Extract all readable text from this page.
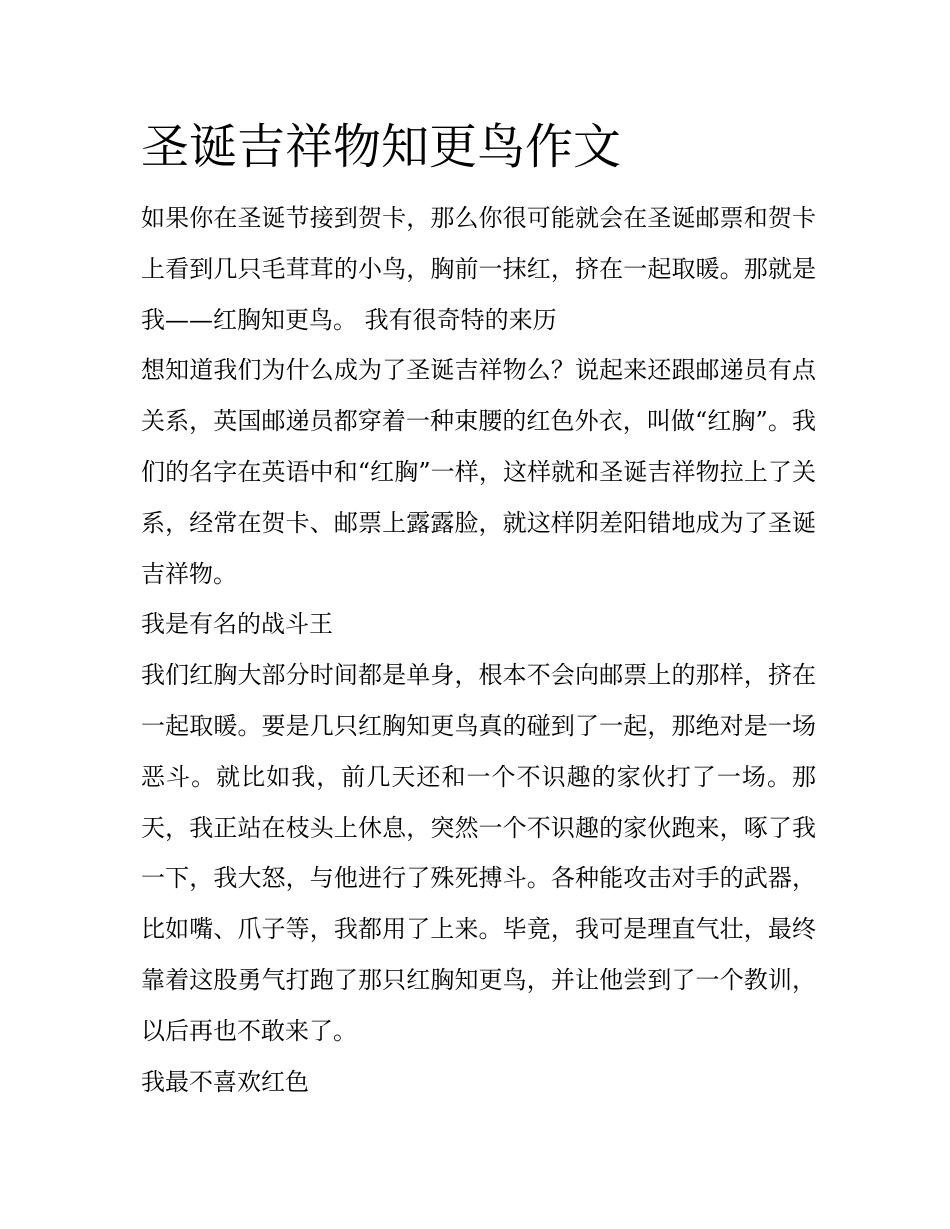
圣诞吉祥物知更鸟作文

如果你在圣诞节接到贺卡，那么你很可能就会在圣诞邮票和贺卡上看到几只毛茸茸的小鸟，胸前一抹红，挤在一起取暖。那就是我——红胸知更鸟。 我有很奇特的来历

想知道我们为什么成为了圣诞吉祥物么？说起来还跟邮递员有点关系，英国邮递员都穿着一种束腰的红色外衣，叫做“红胸”。我们的名字在英语中和“红胸”一样，这样就和圣诞吉祥物拉上了关系，经常在贺卡、邮票上露露脸，就这样阴差阳错地成为了圣诞吉祥物。

我是有名的战斗王

我们红胸大部分时间都是单身，根本不会向邮票上的那样，挤在一起取暖。要是几只红胸知更鸟真的碰到了一起，那绝对是一场恶斗。就比如我，前几天还和一个不识趣的家伙打了一场。那天，我正站在枝头上休息，突然一个不识趣的家伙跑来，啄了我一下，我大怒，与他进行了殊死搏斗。各种能攻击对手的武器，比如嘴、爪子等，我都用了上来。毕竟，我可是理直气壮，最终靠着这股勇气打跑了那只红胸知更鸟，并让他尝到了一个教训，以后再也不敢来了。

我最不喜欢红色
